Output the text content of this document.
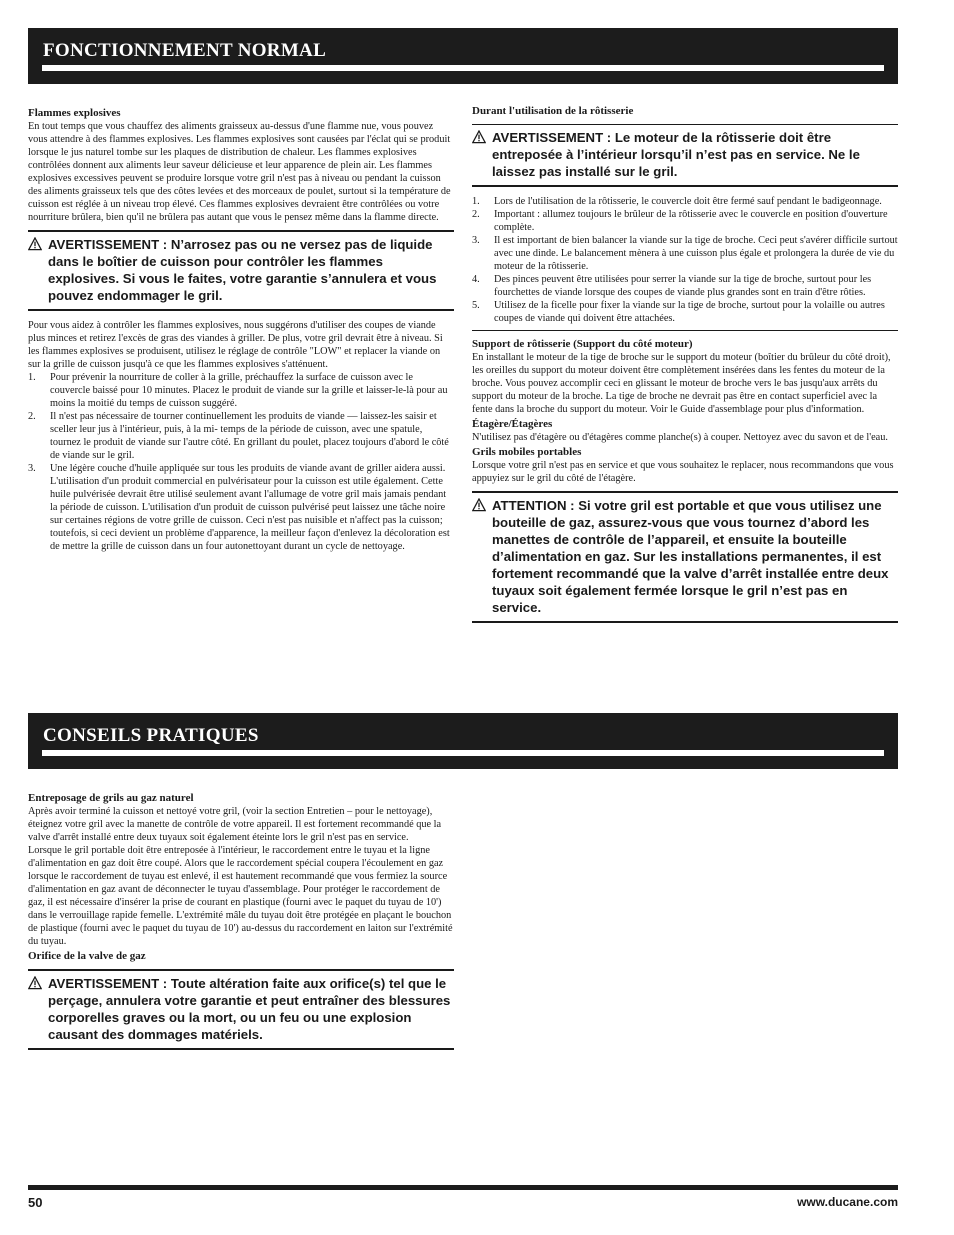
FONCTIONNEMENT NORMAL
Flammes explosives
En tout temps que vous chauffez des aliments graisseux au-dessus d'une flamme nue, vous pouvez vous attendre à des flammes explosives. Les flammes explosives sont causées par l'éclat qui se produit lorsque le jus naturel tombe sur les plaques de distribution de chaleur. Les flammes explosives contrôlées donnent aux aliments leur saveur délicieuse et leur apparence de plein air. Les flammes explosives excessives peuvent se produire lorsque votre gril n'est pas à niveau ou pendant la cuisson des aliments graisseux tels que des côtes levées et des morceaux de poulet, surtout si la température de cuisson est réglée à un niveau trop élevé. Ces flammes explosives devraient être contrôlées ou votre nourriture brûlera, bien qu'il ne brûlera pas autant que vous le pensez même dans la flamme directe.
AVERTISSEMENT : N’arrosez pas ou ne versez pas de liquide dans le boîtier de cuisson pour contrôler les flammes explosives. Si vous le faites, votre garantie s’annulera et vous pouvez endommager le gril.
Pour vous aidez à contrôler les flammes explosives, nous suggérons d'utiliser des coupes de viande plus minces et retirez l'excès de gras des viandes à griller. De plus, votre gril devrait être à niveau. Si les flammes explosives se produisent, utilisez le réglage de contrôle "LOW" et replacer la viande on sur la grille de cuisson jusqu'à ce que les flammes explosives s'atténuent.
1.	Pour prévenir la nourriture de coller à la grille, préchauffez la surface de cuisson avec le couvercle baissé pour 10 minutes. Placez le produit de viande sur la grille et laisser-le-là pour au moins la moitié du temps de cuisson suggéré.
2.	Il n'est pas nécessaire de tourner continuellement les produits de viande — laissez-les saisir et sceller leur jus à l'intérieur, puis, à la mi- temps de la période de cuisson, avec une spatule, tournez le produit de viande sur l'autre côté. En grillant du poulet, placez toujours d'abord le côté de viande sur le gril.
3.	Une légère couche d'huile appliquée sur tous les produits de viande avant de griller aidera aussi. L'utilisation d'un produit commercial en pulvérisateur pour la cuisson est utile également. Cette huile pulvérisée devrait être utilisé seulement avant l'allumage de votre gril mais jamais pendant la période de cuisson. L'utilisation d'un produit de cuisson pulvérisé peut laissez une tâche noire sur certaines régions de votre grille de cuisson. Ceci n'est pas nuisible et n'affect pas la cuisson; toutefois, si ceci devient un problème d'apparence, la meilleur façon d'enlevez la décoloration est de mettre la grille de cuisson dans un four autonettoyant durant un cycle de nettoyage.
Durant l'utilisation de la rôtisserie
AVERTISSEMENT : Le moteur de la rôtisserie doit être entreposée à l’intérieur lorsqu’il n’est pas en service. Ne le laissez pas installé sur le gril.
1.	Lors de l'utilisation de la rôtisserie, le couvercle doit être fermé sauf pendant le badigeonnage.
2.	Important : allumez toujours le brûleur de la rôtisserie avec le couvercle en position d'ouverture complète.
3.	Il est important de bien balancer la viande sur la tige de broche. Ceci peut s'avérer difficile surtout avec une dinde. Le balancement mènera à une cuisson plus égale et prolongera la durée de vie du moteur de la rôtisserie.
4.	Des pinces peuvent être utilisées pour serrer la viande sur la tige de broche, surtout pour les fourchettes de viande lorsque des coupes de viande plus grandes sont en train d'être rôties.
5.	Utilisez de la ficelle pour fixer la viande sur la tige de broche, surtout pour la volaille ou autres coupes de viande qui doivent être attachées.
Support de rôtisserie (Support du côté moteur)
En installant le moteur de la tige de broche sur le support du moteur (boîtier du brûleur du côté droit), les oreilles du support du moteur doivent être complètement insérées dans les fentes du moteur de la broche. Vous pouvez accomplir ceci en glissant le moteur de broche vers le bas jusqu'aux arrêts du support du moteur de la broche. La tige de broche ne devrait pas être en contact superficiel avec la fente dans la broche du support du moteur. Voir le Guide d'assemblage pour plus d'information.
Étagère/Étagères
N'utilisez pas d'étagère ou d'étagères comme planche(s) à couper. Nettoyez avec du savon et de l'eau.
Grils mobiles portables
Lorsque votre gril n'est pas en service et que vous souhaitez le replacer, nous recommandons que vous appuyiez sur le gril du côté de l'étagère.
ATTENTION : Si votre gril est portable et que vous utilisez une bouteille de gaz, assurez-vous que vous tournez d’abord les manettes de contrôle de l’appareil, et ensuite la bouteille d’alimentation en gaz. Sur les installations permanentes, il est fortement recommandé que la valve d’arrêt installée entre deux tuyaux soit également fermée lorsque le gril n’est pas en service.
CONSEILS PRATIQUES
Entreposage de grils au gaz naturel
Après avoir terminé la cuisson et nettoyé votre gril, (voir la section Entretien – pour le nettoyage), éteignez votre gril avec la manette de contrôle de votre appareil. Il est fortement recommandé que la valve d'arrêt installé entre deux tuyaux soit également éteinte lors le gril n'est pas en service.
Lorsque le gril portable doit être entreposée à l'intérieur, le raccordement entre le tuyau et la ligne d'alimentation en gaz doit être coupé. Alors que le raccordement spécial coupera l'écoulement en gaz lorsque le raccordement de tuyau est enlevé, il est hautement recommandé que vous fermiez la source d'alimentation en gaz avant de déconnecter le tuyau d'assemblage. Pour protéger le raccordement de gaz, il est nécessaire d'insérer la prise de courant en plastique (fourni avec le paquet du tuyau de 10') dans le verrouillage rapide femelle. L'extrémité mâle du tuyau doit être protégée en plaçant le bouchon de plastique (fourni avec le paquet du tuyau de 10') au-dessus du raccordement en laiton sur l'extrémité du tuyau.
Orifice de la valve de gaz
AVERTISSEMENT : Toute altération faite aux orifice(s) tel que le perçage, annulera votre garantie et peut entraîner des blessures corporelles graves ou la mort, ou un feu ou une explosion causant des dommages matériels.
50	www.ducane.com
